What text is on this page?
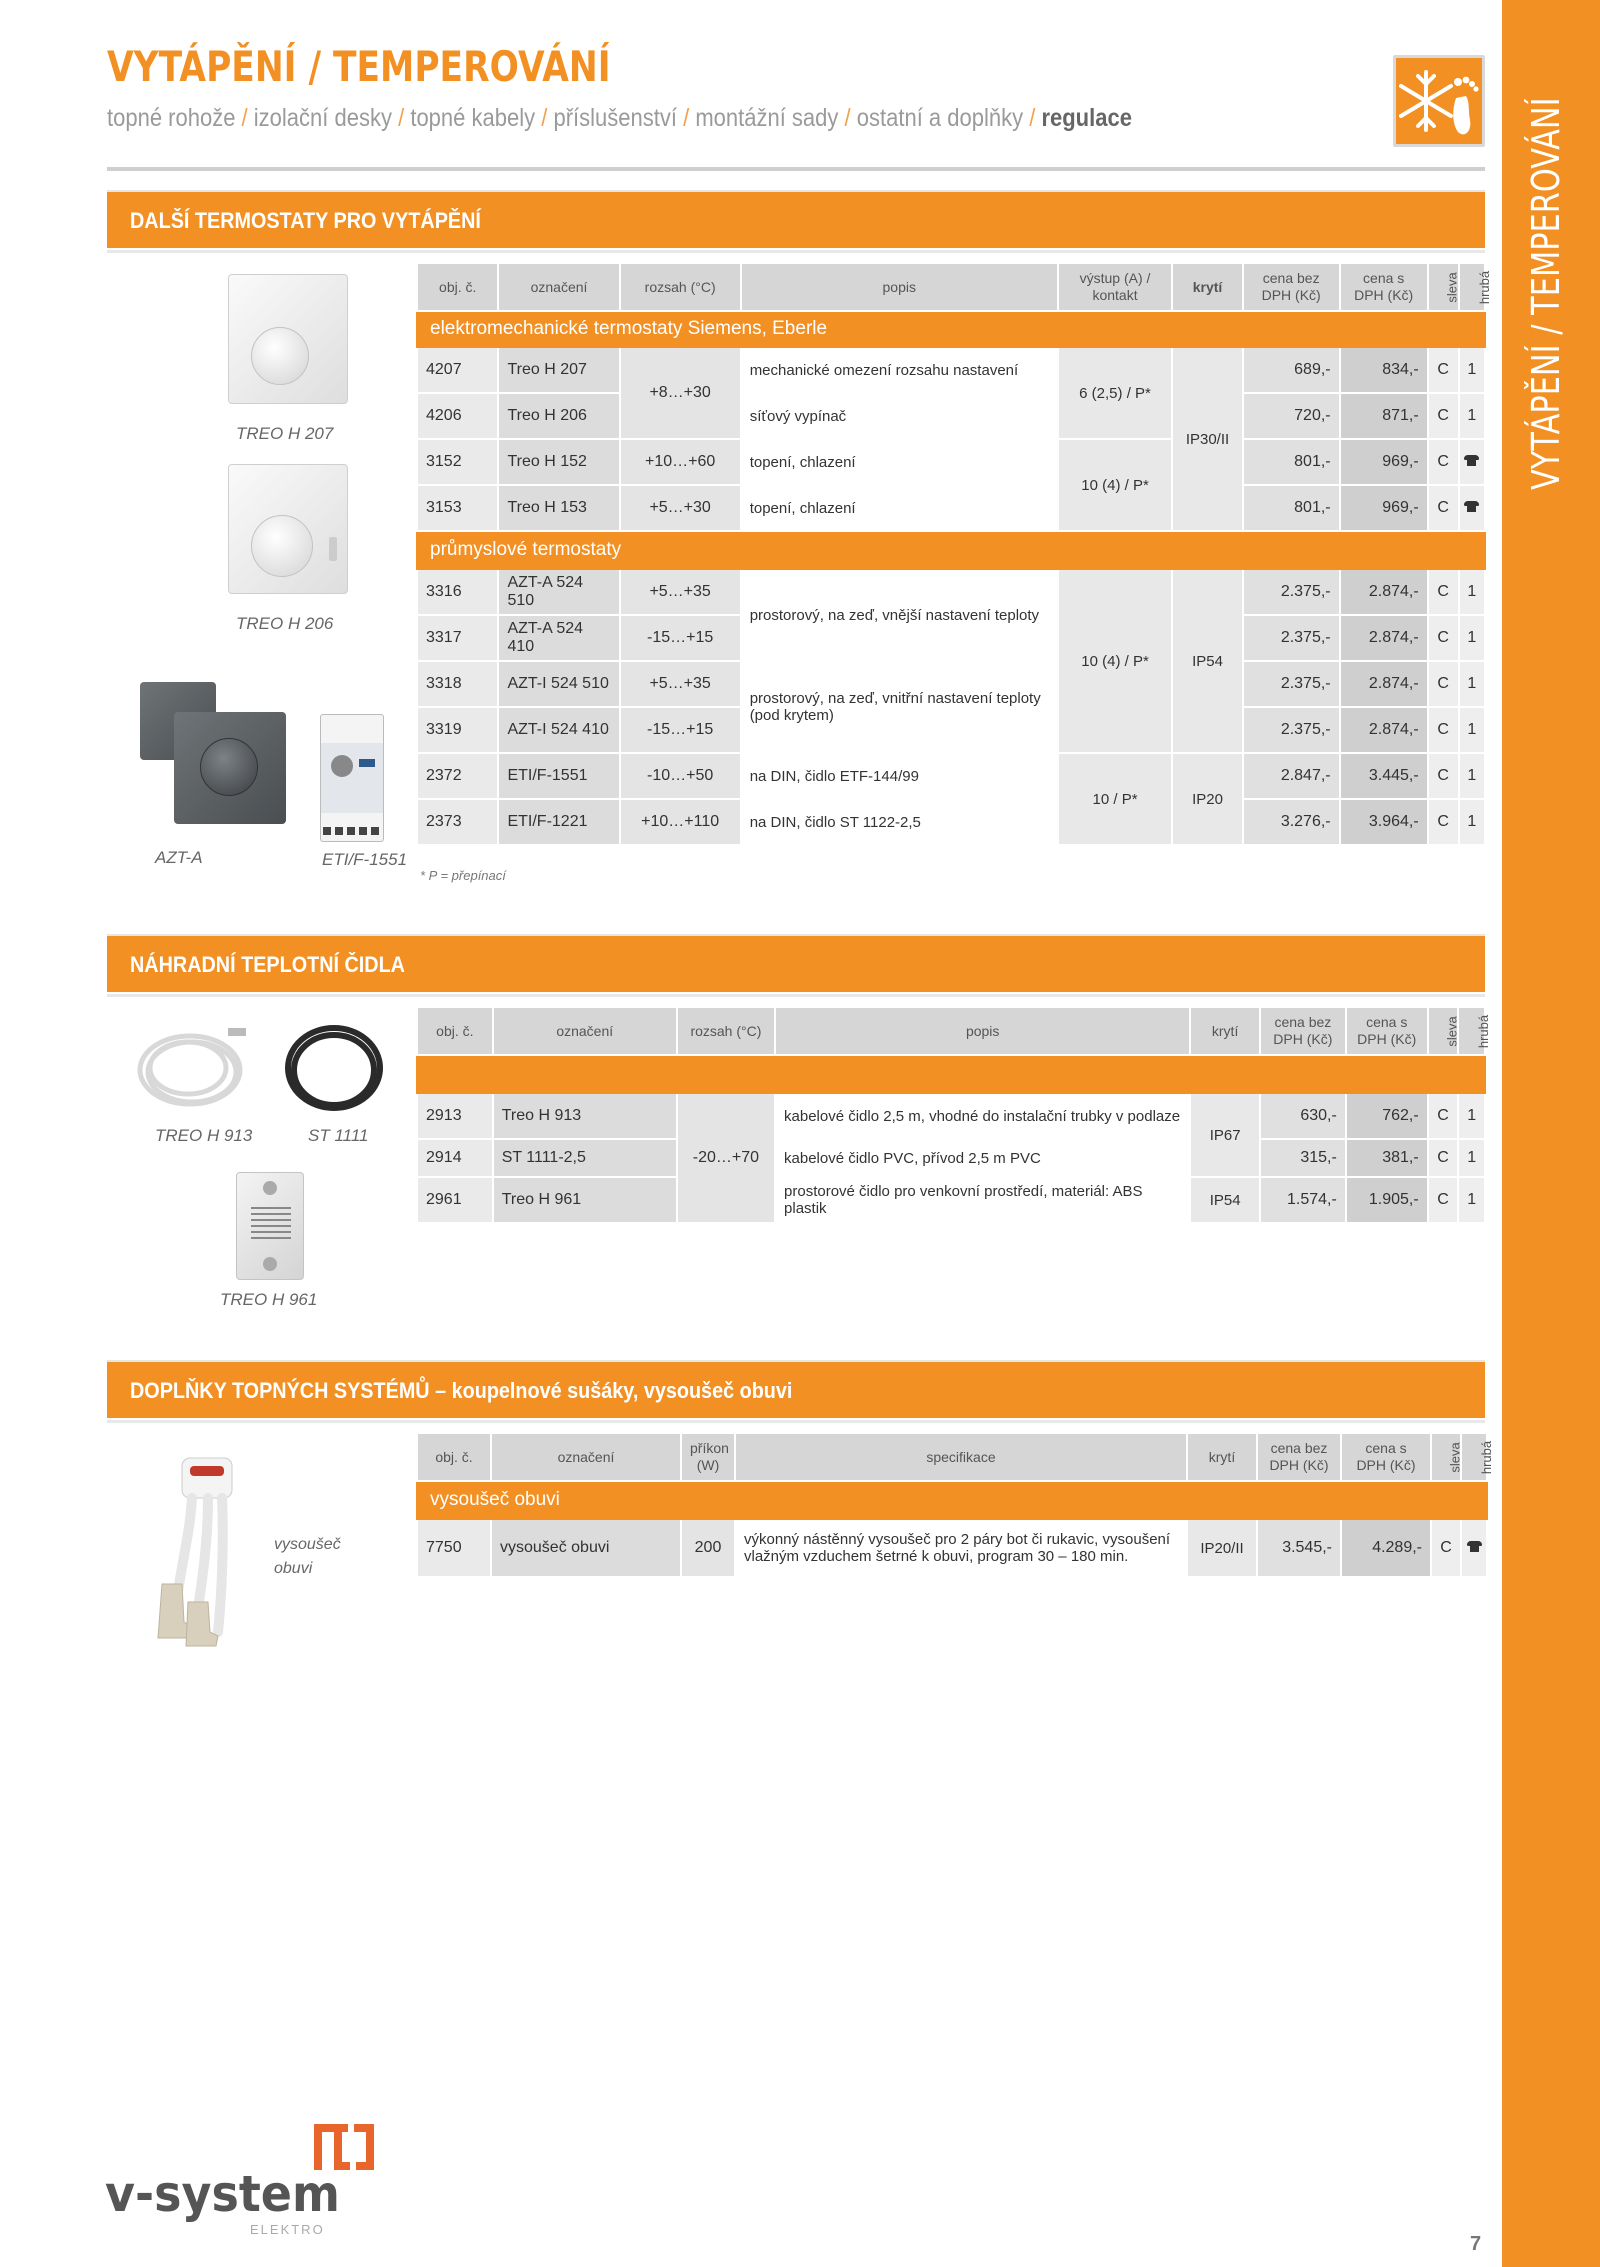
VYTÁPĚNÍ / TEMPEROVÁNÍ
topné rohože / izolační desky / topné kabely / příslušenství / montážní sady / ostatní a doplňky / regulace	VYTÁPĚNÍ / TEMPEROVÁNÍ
DALŠÍ TERMOSTATY PRO VYTÁPĚNÍ
TREO H 207
TREO H 206
AZT-A	ETI/F-1551
obj. č.	označení	rozsah (°C)	popis	výstup (A) / kontakt	krytí	cena bez DPH (Kč)	cena s DPH (Kč)	sleva	hrubá
elektromechanické termostaty Siemens, Eberle									
4207	Treo H 207	+8…+30	mechanické omezení rozsahu nastavení	6 (2,5) / P*	IP30/II	689,-	834,-	C	1
4206	Treo H 206		síťový vypínač			720,-	871,-	C	1
3152	Treo H 152	+10…+60	topení, chlazení	10 (4) / P*		801,-	969,-	C	
3153	Treo H 153	+5…+30	topení, chlazení			801,-	969,-	C	
průmyslové termostaty									
3316	AZT-A 524 510	+5…+35	prostorový, na zeď, vnější nastavení teploty	10 (4) / P*	IP54	2.375,-	2.874,-	C	1
3317	AZT-A 524 410	-15…+15				2.375,-	2.874,-	C	1
3318	AZT-I 524 510	+5…+35	prostorový, na zeď, vnitřní nastavení teploty (pod krytem)			2.375,-	2.874,-	C	1
3319	AZT-I 524 410	-15…+15				2.375,-	2.874,-	C	1
2372	ETI/F-1551	-10…+50	na DIN, čidlo ETF-144/99	10 / P*	IP20	2.847,-	3.445,-	C	1
2373	ETI/F-1221	+10…+110	na DIN, čidlo ST 1122-2,5			3.276,-	3.964,-	C	1
* P = přepínací
NÁHRADNÍ TEPLOTNÍ ČIDLA
TREO H 913	ST 1111
TREO H 961
obj. č.	označení	rozsah (°C)	popis	krytí	cena bez DPH (Kč)	cena s DPH (Kč)	sleva	hrubá

2913	Treo H 913	-20…+70	kabelové čidlo 2,5 m, vhodné do instalační trubky v podlaze	IP67	630,-	762,-	C	1
2914	ST 1111-2,5		kabelové čidlo PVC, přívod 2,5 m PVC		315,-	381,-	C	1
2961	Treo H 961		prostorové čidlo pro venkovní prostředí, materiál: ABS plastik	IP54	1.574,-	1.905,-	C	1
DOPLŇKY TOPNÝCH SYSTÉMŮ – koupelnové sušáky, vysoušeč obuvi
vysoušeč
obuvi
obj. č.	označení	příkon (W)	specifikace	krytí	cena bez DPH (Kč)	cena s DPH (Kč)	sleva	hrubá
vysoušeč obuvi								
7750	vysoušeč obuvi	200	výkonný nástěnný vysoušeč pro 2 páry bot či rukavic, vysoušení vlažným vzduchem šetrné k obuvi, program 30 – 180 min.	IP20/II	3.545,-	4.289,-	C	
v-system
ELEKTRO
7
